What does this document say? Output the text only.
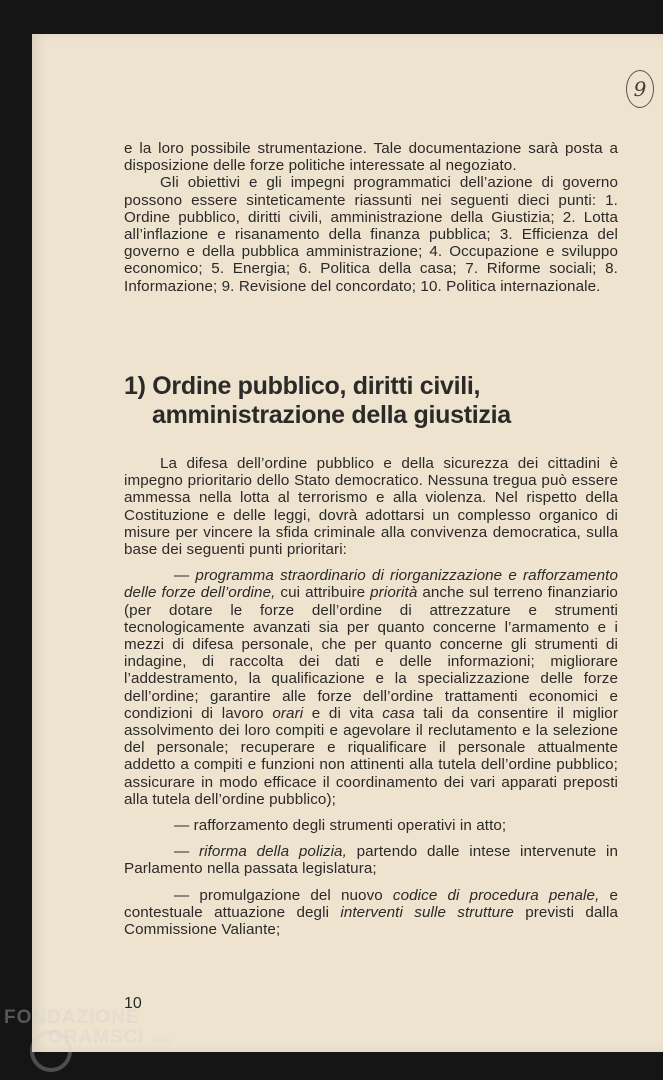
9

e la loro possibile strumentazione. Tale documentazione sarà posta a disposizione delle forze politiche interessate al negoziato.

Gli obiettivi e gli impegni programmatici dell’azione di governo possono essere sinteticamente riassunti nei seguenti dieci punti: 1. Ordine pubblico, diritti civili, amministrazione della Giustizia; 2. Lotta all’inflazione e risanamento della finanza pubblica; 3. Efficienza del governo e della pubblica amministrazione; 4. Occupazione e sviluppo economico; 5. Energia; 6. Politica della casa; 7. Riforme sociali; 8. Informazione; 9. Revisione del concordato; 10. Politica internazionale.

1) Ordine pubblico, diritti civili,
amministrazione della giustizia

La difesa dell’ordine pubblico e della sicurezza dei cittadini è impegno prioritario dello Stato democratico. Nessuna tregua può essere ammessa nella lotta al terrorismo e alla violenza. Nel rispetto della Costituzione e delle leggi, dovrà adottarsi un complesso organico di misure per vincere la sfida criminale alla convivenza democratica, sulla base dei seguenti punti prioritari:

— programma straordinario di riorganizzazione e rafforzamento delle forze dell’ordine, cui attribuire priorità anche sul terreno finanziario (per dotare le forze dell’ordine di attrezzature e strumenti tecnologicamente avanzati sia per quanto concerne l’armamento e i mezzi di difesa personale, che per quanto concerne gli strumenti di indagine, di raccolta dei dati e delle informazioni; migliorare l’addestramento, la qualificazione e la specializzazione delle forze dell’ordine; garantire alle forze dell’ordine trattamenti economici e condizioni di lavoro orari e di vita casa tali da consentire il miglior assolvimento dei loro compiti e agevolare il reclutamento e la selezione del personale; recuperare e riqualificare il personale attualmente addetto a compiti e funzioni non attinenti alla tutela dell’ordine pubblico; assicurare in modo efficace il coordinamento dei vari apparati preposti alla tutela dell’ordine pubblico);

— rafforzamento degli strumenti operativi in atto;

— riforma della polizia, partendo dalle intese intervenute in Parlamento nella passata legislatura;

— promulgazione del nuovo codice di procedura penale, e contestuale attuazione degli interventi sulle strutture previsti dalla Commissione Valiante;

10
FONDAZIONE
GRAMSCI onlus
